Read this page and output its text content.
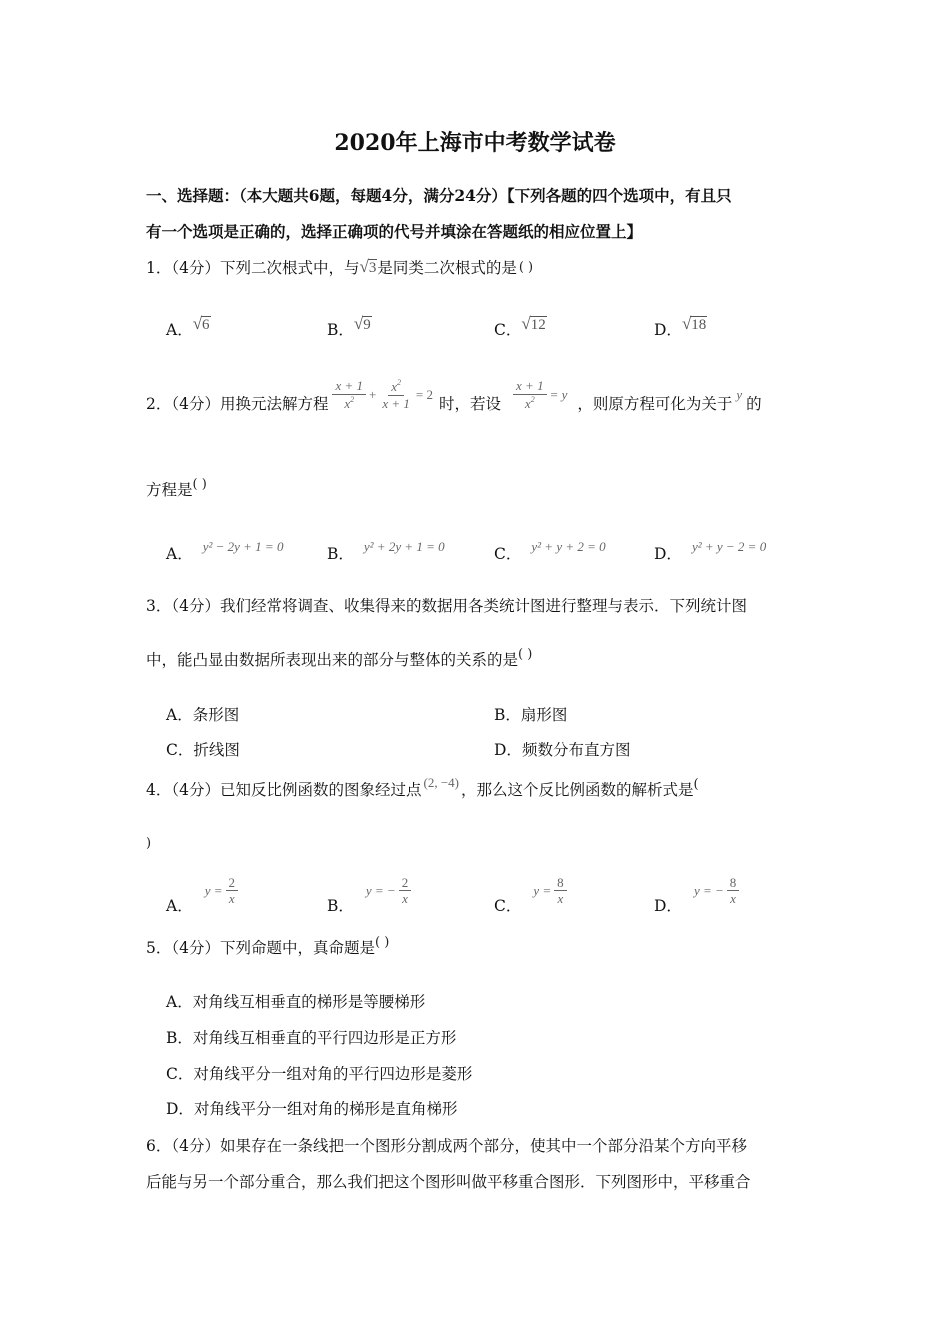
2020年上海市中考数学试卷
一、选择题：（本大题共6题，每题4分，满分24分）【下列各题的四个选项中，有且只
有一个选项是正确的，选择正确项的代号并填涂在答题纸的相应位置上】
1．（4分）下列二次根式中，与 √ 3 是同类二次根式的是 ( )
A． √ 6	B． √ 9	C． √ 12	D． √ 18
2．（4分）用换元法解方程 $\frac{x + 1}{x^2} + \frac{x^2}{x + 1} = 2$
时，若设 $\frac{x + 1}{x^2} = y$
，则原方程可化为关于
y
的
方程是 ( )
A． $^{y^2 - 2y + 1 = 0}$	B． $^{y^2 + 2y + 1 = 0}$	C． $^{y^2 + y + 2 = 0}$	D． $^{y^2 + y - 2 = 0}$
3．（4分）我们经常将调查、收集得来的数据用各类统计图进行整理与表示．下列统计图
中，能凸显由数据所表现出来的部分与整体的关系的是 ( )
A．条形图	B．扇形图
C．折线图	D．频数分布直方图
4．（4分）已知反比例函数的图象经过点 (2, −4) ，那么这个反比例函数的解析式是 (
)
A．
$y = \frac{2}{x}$	B．
y = − $\frac{2}{x}$	C．
$y = \frac{8}{x}$	D．
y = − $\frac{8}{x}$
5．（4分）下列命题中，真命题是 ( )
A．对角线互相垂直的梯形是等腰梯形
B．对角线互相垂直的平行四边形是正方形
C．对角线平分一组对角的平行四边形是菱形
D．对角线平分一组对角的梯形是直角梯形
6．（4分）如果存在一条线把一个图形分割成两个部分，使其中一个部分沿某个方向平移
后能与另一个部分重合，那么我们把这个图形叫做平移重合图形．下列图形中，平移重合
